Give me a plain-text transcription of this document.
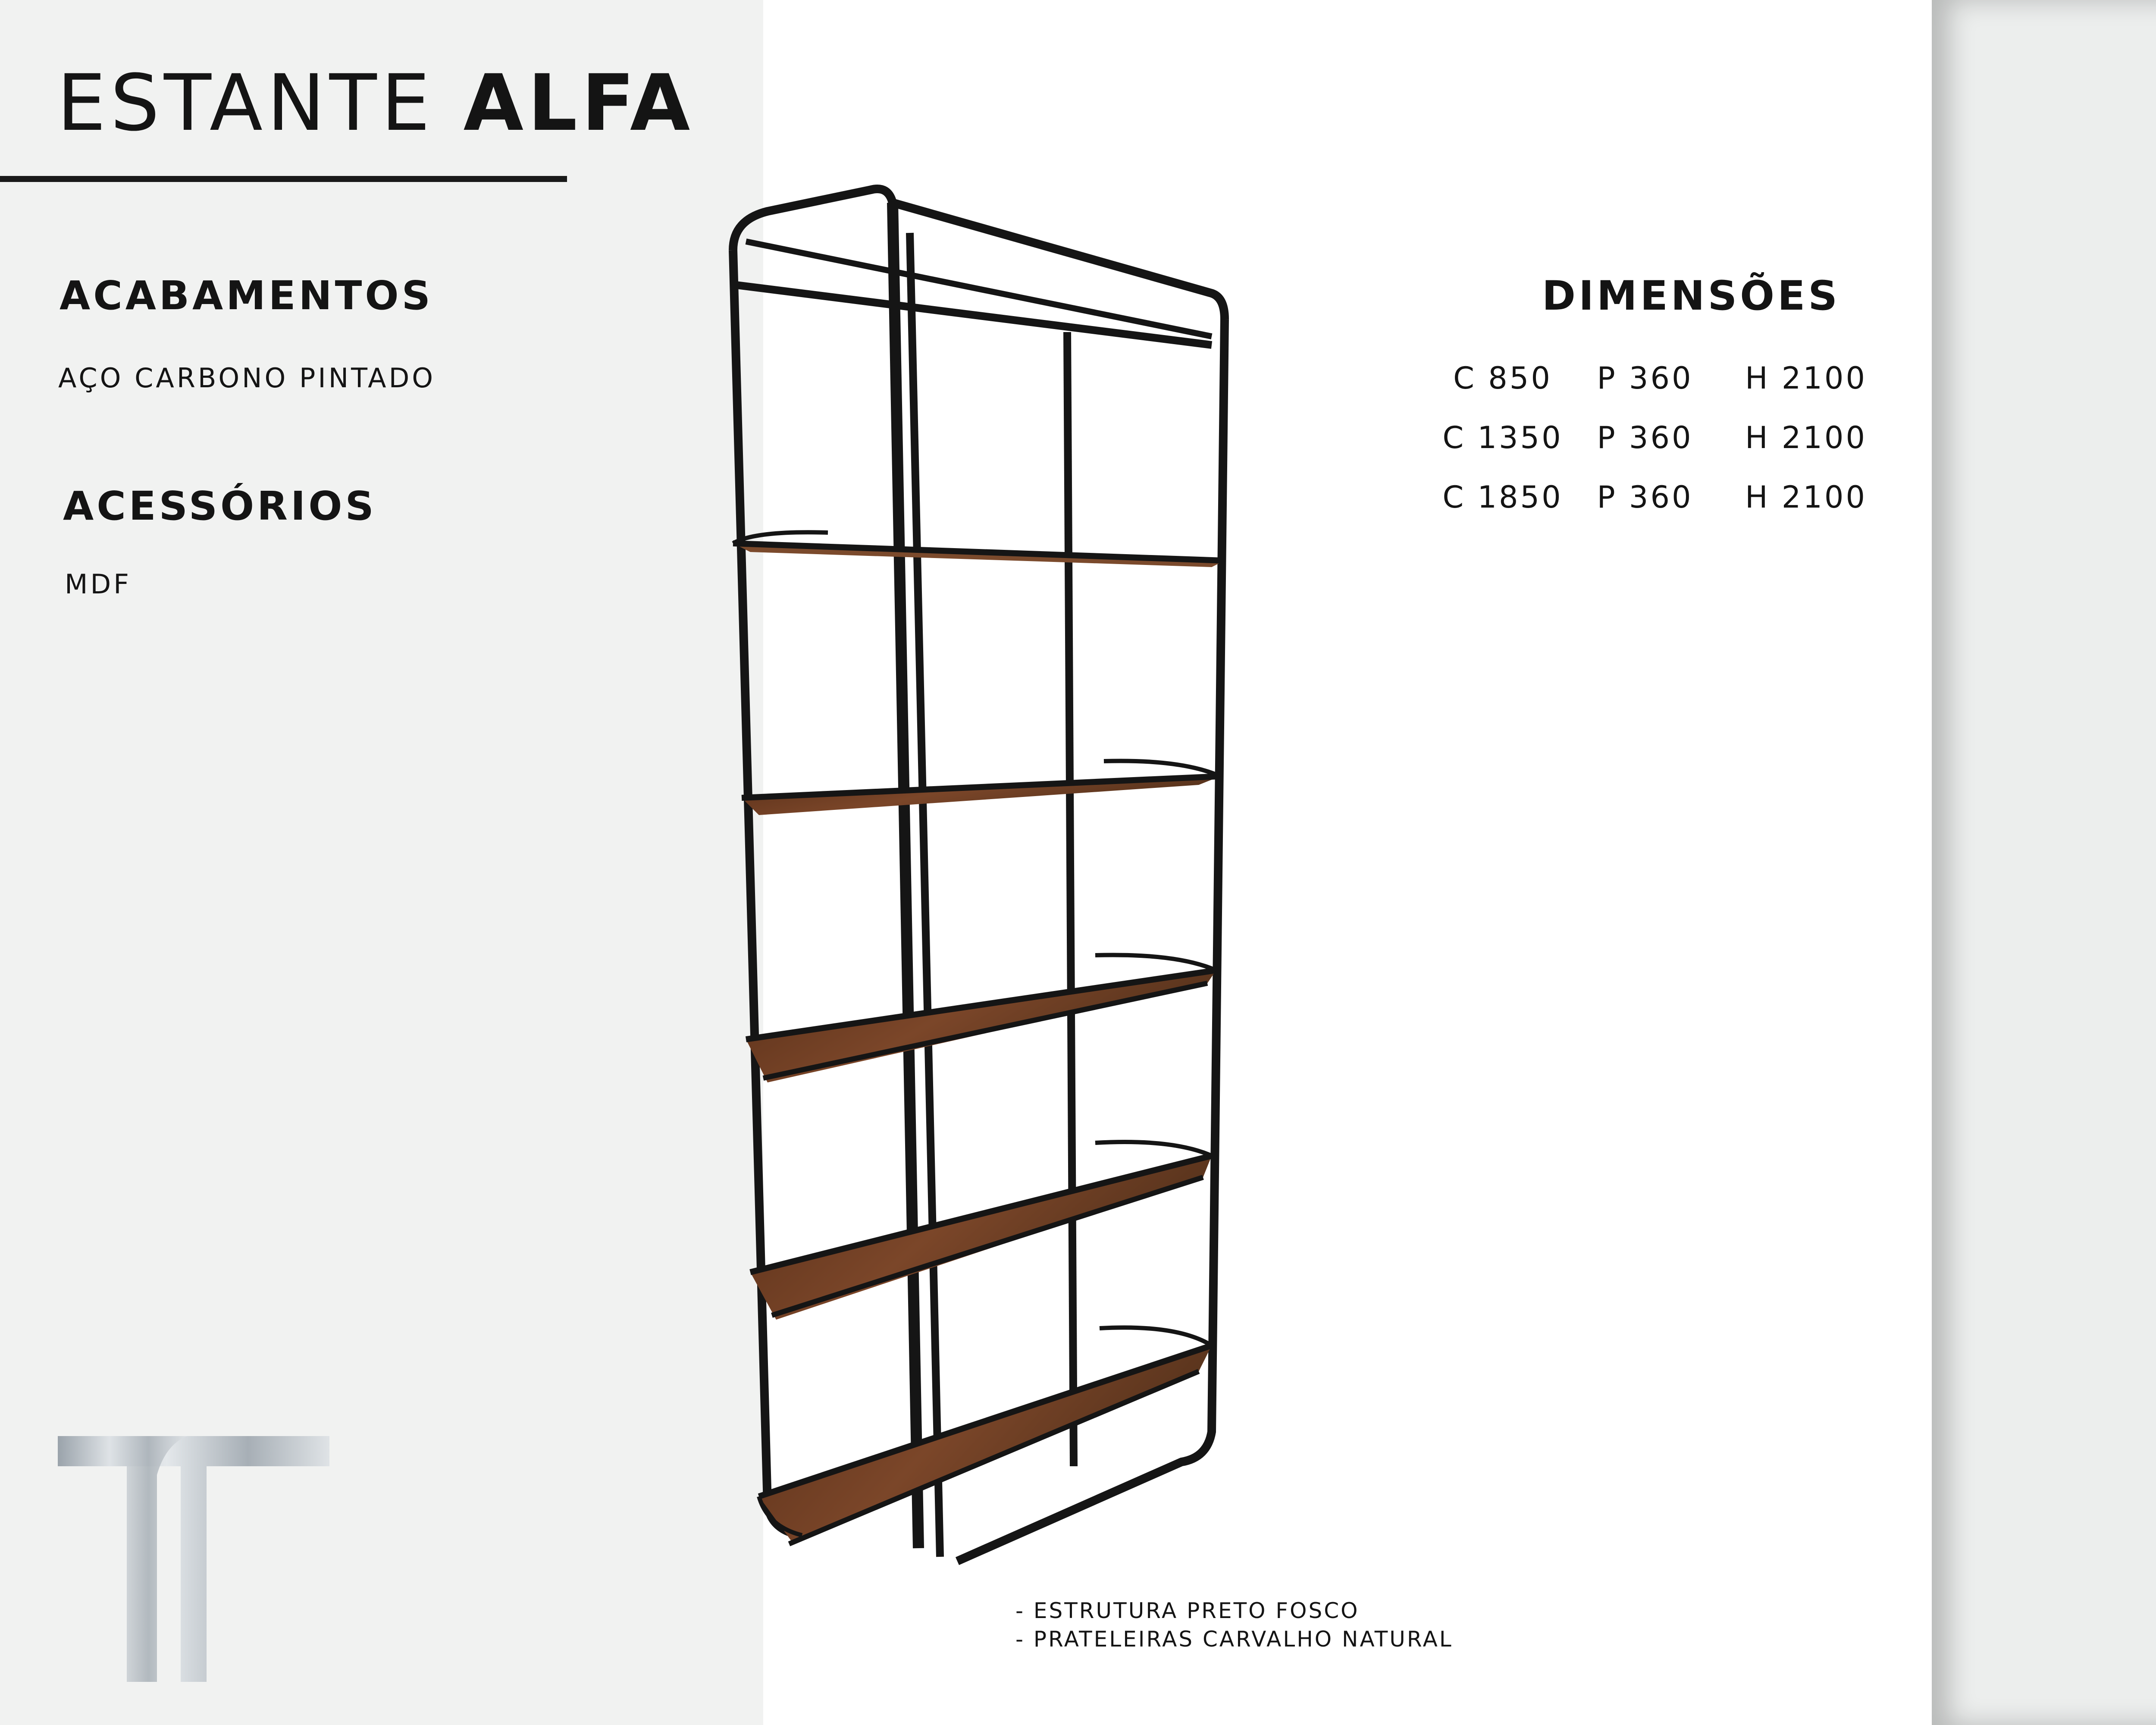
ESTANTE ALFA
ACABAMENTOS

AÇO CARBONO PINTADO

ACESSÓRIOS

MDF

DIMENSÕES
C 850	P 360	H 2100
C 1350	P 360	H 2100
C 1850	P 360	H 2100
- ESTRUTURA PRETO FOSCO
- PRATELEIRAS CARVALHO NATURAL
